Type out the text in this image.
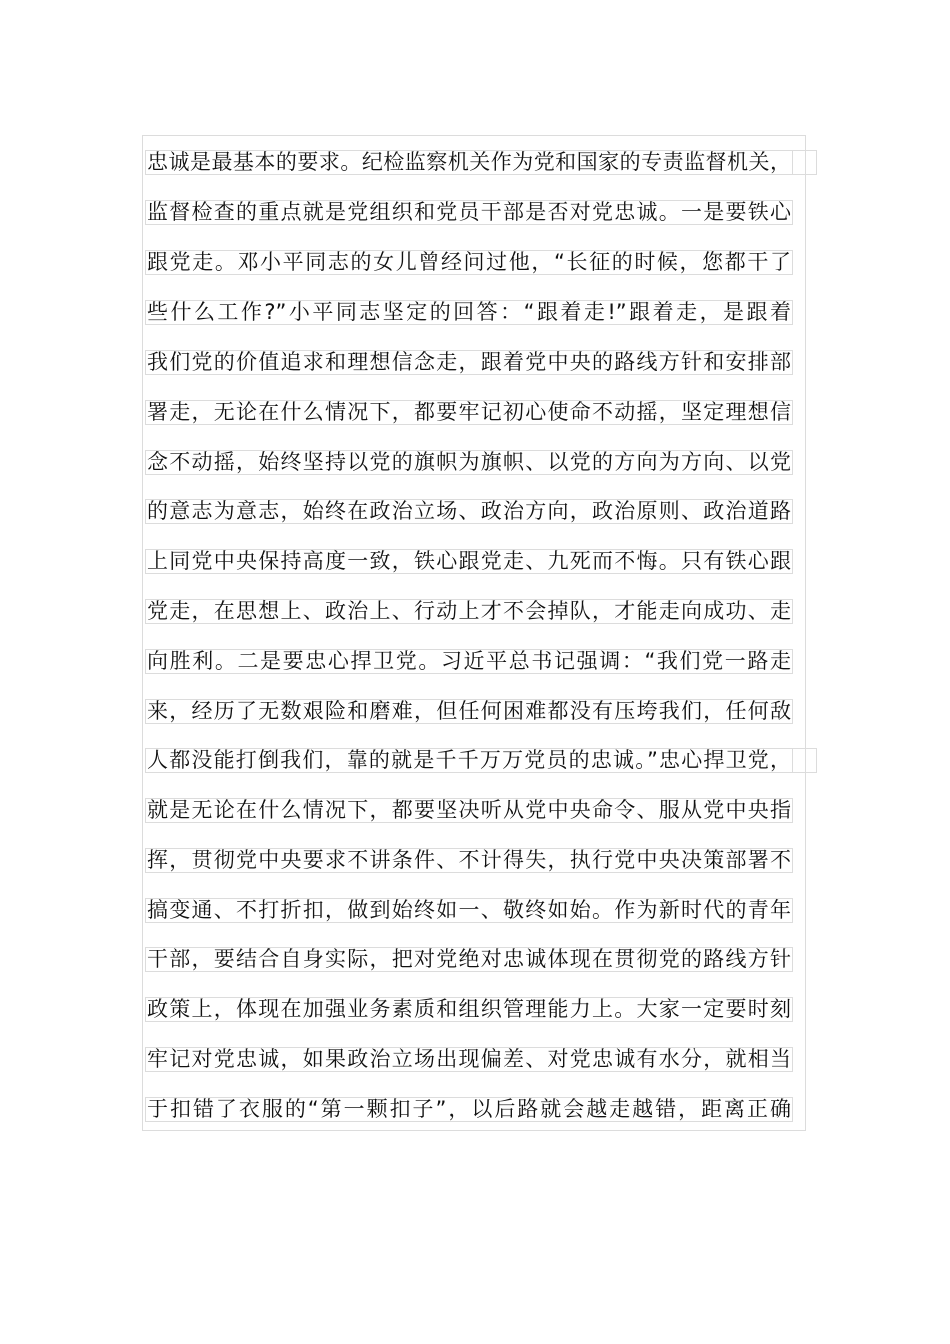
忠诚是最基本的要求。纪检监察机关作为党和国家的专责监督机关，
监督检查的重点就是党组织和党员干部是否对党忠诚。一是要铁心
跟党走。邓小平同志的女儿曾经问过他，“长征的时候，您都干了
些什么工作?”小平同志坚定的回答：“跟着走!”跟着走，是跟着
我们党的价值追求和理想信念走，跟着党中央的路线方针和安排部
署走，无论在什么情况下，都要牢记初心使命不动摇，坚定理想信
念不动摇，始终坚持以党的旗帜为旗帜、以党的方向为方向、以党
的意志为意志，始终在政治立场、政治方向，政治原则、政治道路
上同党中央保持高度一致，铁心跟党走、九死而不悔。只有铁心跟
党走，在思想上、政治上、行动上才不会掉队，才能走向成功、走
向胜利。二是要忠心捍卫党。习近平总书记强调：“我们党一路走
来，经历了无数艰险和磨难，但任何困难都没有压垮我们，任何敌
人都没能打倒我们，靠的就是千千万万党员的忠诚。”忠心捍卫党，
就是无论在什么情况下，都要坚决听从党中央命令、服从党中央指
挥，贯彻党中央要求不讲条件、不计得失，执行党中央决策部署不
搞变通、不打折扣，做到始终如一、敬终如始。作为新时代的青年
干部，要结合自身实际，把对党绝对忠诚体现在贯彻党的路线方针
政策上，体现在加强业务素质和组织管理能力上。大家一定要时刻
牢记对党忠诚，如果政治立场出现偏差、对党忠诚有水分，就相当
于扣错了衣服的“第一颗扣子”，以后路就会越走越错，距离正确
